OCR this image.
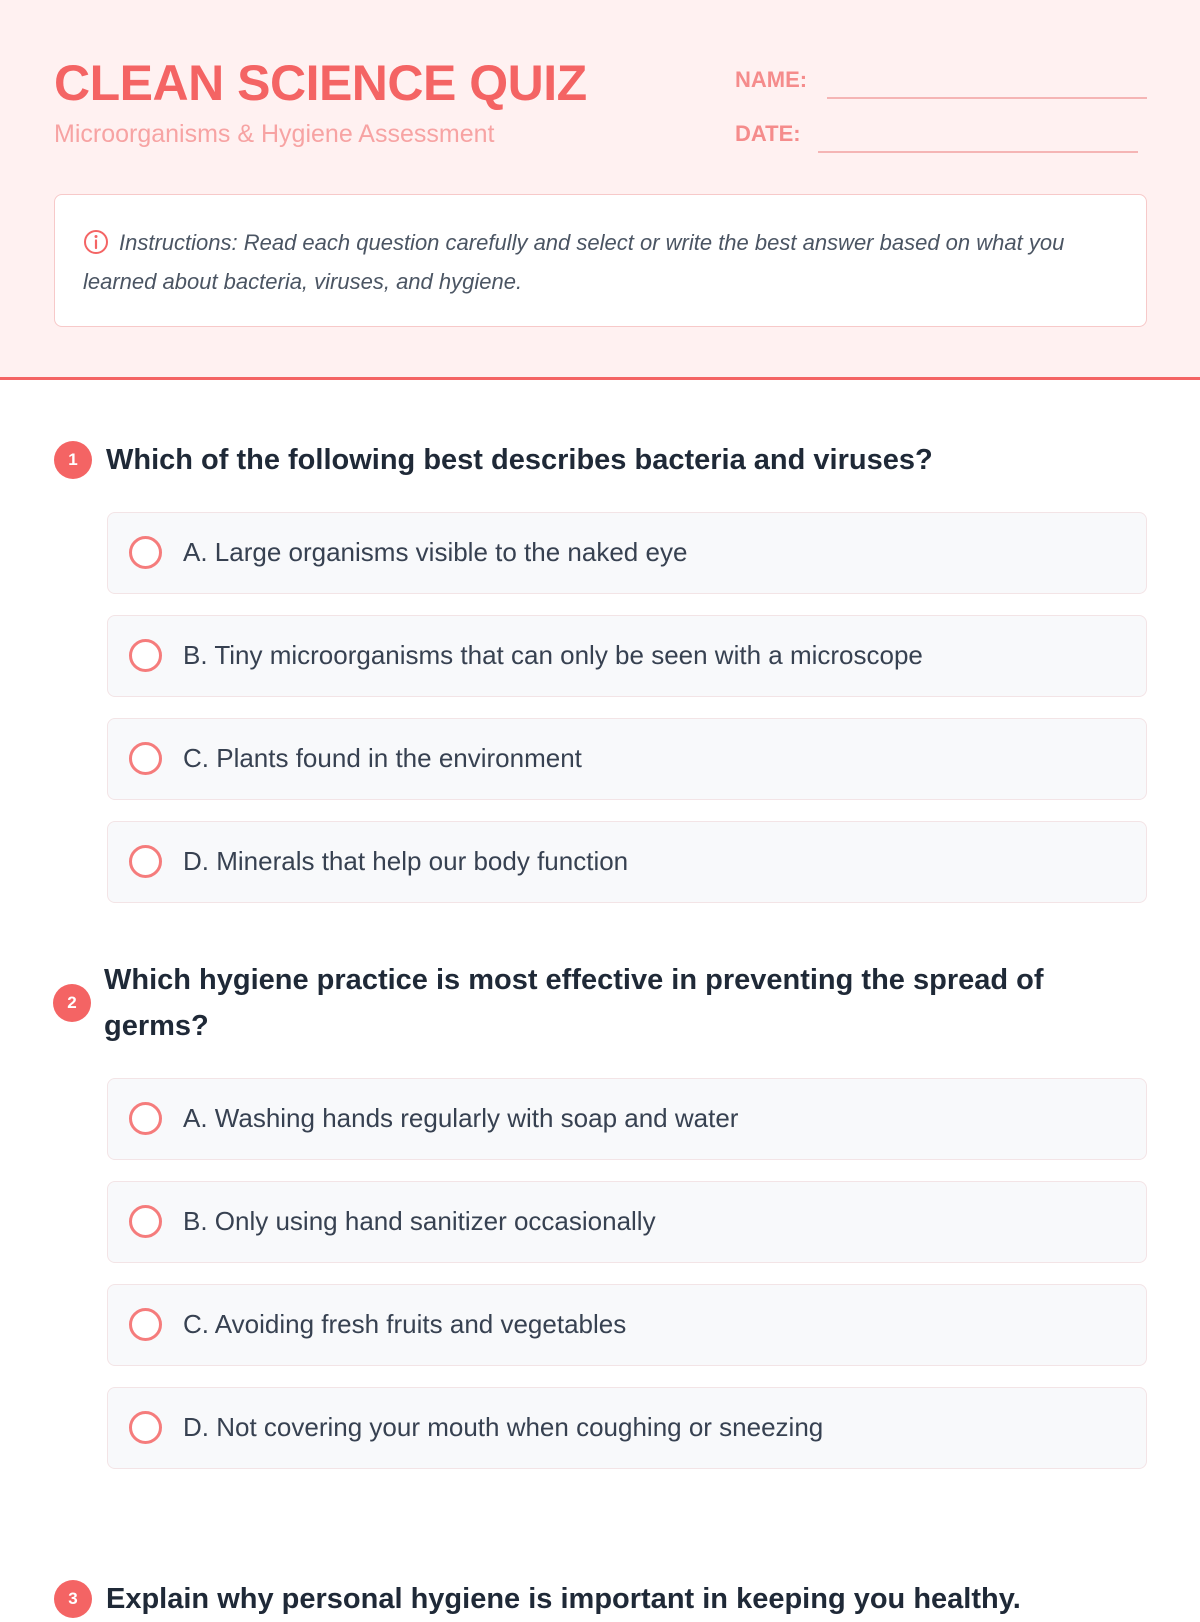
CLEAN SCIENCE QUIZ
Microorganisms & Hygiene Assessment
NAME:
DATE:
Instructions: Read each question carefully and select or write the best answer based on what you learned about bacteria, viruses, and hygiene.
1 Which of the following best describes bacteria and viruses?
A. Large organisms visible to the naked eye
B. Tiny microorganisms that can only be seen with a microscope
C. Plants found in the environment
D. Minerals that help our body function
2
Which hygiene practice is most effective in preventing the spread of germs?
A. Washing hands regularly with soap and water
B. Only using hand sanitizer occasionally
C. Avoiding fresh fruits and vegetables
D. Not covering your mouth when coughing or sneezing
3 Explain why personal hygiene is important in keeping you healthy.
